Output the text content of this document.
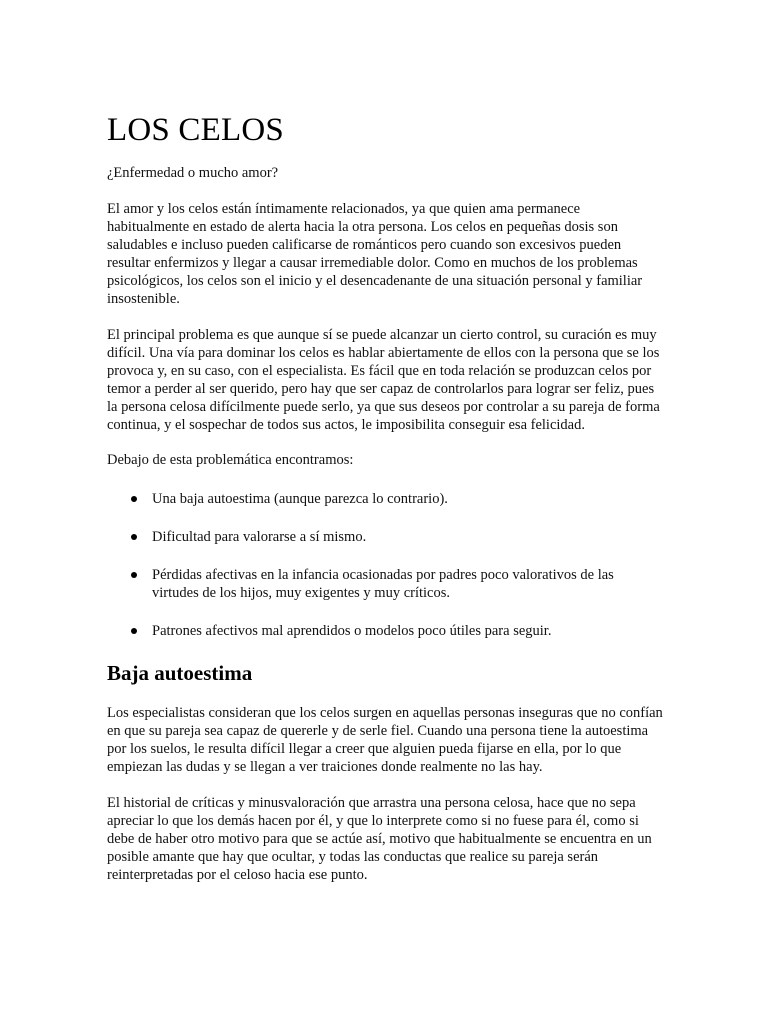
LOS CELOS
¿Enfermedad o mucho amor?

El amor y los celos están íntimamente relacionados, ya que quien ama permanece habitualmente en estado de alerta hacia la otra persona. Los celos en pequeñas dosis son saludables e incluso pueden calificarse de románticos pero cuando son excesivos pueden resultar enfermizos y llegar a causar irremediable dolor. Como en muchos de los problemas psicológicos, los celos son el inicio y el desencadenante de una situación personal y familiar insostenible.

El principal problema es que aunque sí se puede alcanzar un cierto control, su curación es muy difícil. Una vía para dominar los celos es hablar abiertamente de ellos con la persona que se los provoca y, en su caso, con el especialista. Es fácil que en toda relación se produzcan celos por temor a perder al ser querido, pero hay que ser capaz de controlarlos para lograr ser feliz, pues la persona celosa difícilmente puede serlo, ya que sus deseos por controlar a su pareja de forma continua, y el sospechar de todos sus actos, le imposibilita conseguir esa felicidad.

Debajo de esta problemática encontramos:

Una baja autoestima (aunque parezca lo contrario).
Dificultad para valorarse a sí mismo.
Pérdidas afectivas en la infancia ocasionadas por padres poco valorativos de las virtudes de los hijos, muy exigentes y muy críticos.
Patrones afectivos mal aprendidos o modelos poco útiles para seguir.
Baja autoestima

Los especialistas consideran que los celos surgen en aquellas personas inseguras que no confían en que su pareja sea capaz de quererle y de serle fiel. Cuando una persona tiene la autoestima por los suelos, le resulta difícil llegar a creer que alguien pueda fijarse en ella, por lo que empiezan las dudas y se llegan a ver traiciones donde realmente no las hay.

El historial de críticas y minusvaloración que arrastra una persona celosa, hace que no sepa apreciar lo que los demás hacen por él, y que lo interprete como si no fuese para él, como si debe de haber otro motivo para que se actúe así, motivo que habitualmente se encuentra en un posible amante que hay que ocultar, y todas las conductas que realice su pareja serán reinterpretadas por el celoso hacia ese punto.
